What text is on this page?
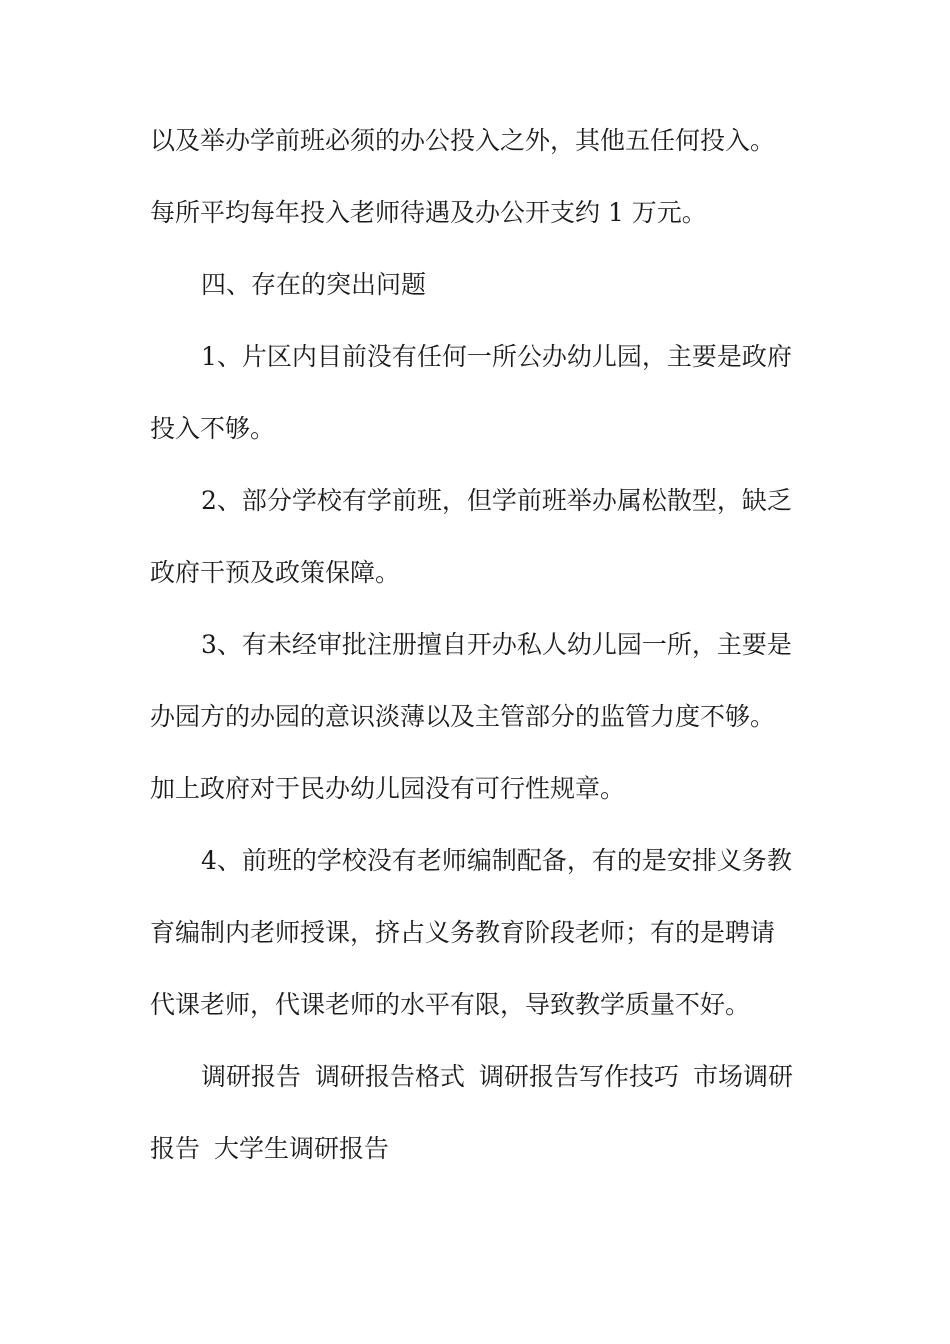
以及举办学前班必须的办公投入之外，其他五任何投入。

每所平均每年投入老师待遇及办公开支约 1 万元。

四、存在的突出问题

1、片区内目前没有任何一所公办幼儿园，主要是政府

投入不够。

2、部分学校有学前班，但学前班举办属松散型，缺乏

政府干预及政策保障。

3、有未经审批注册擅自开办私人幼儿园一所，主要是

办园方的办园的意识淡薄以及主管部分的监管力度不够。

加上政府对于民办幼儿园没有可行性规章。

4、前班的学校没有老师编制配备，有的是安排义务教

育编制内老师授课，挤占义务教育阶段老师；有的是聘请

代课老师，代课老师的水平有限，导致教学质量不好。

调研报告 调研报告格式 调研报告写作技巧 市场调研

报告 大学生调研报告
